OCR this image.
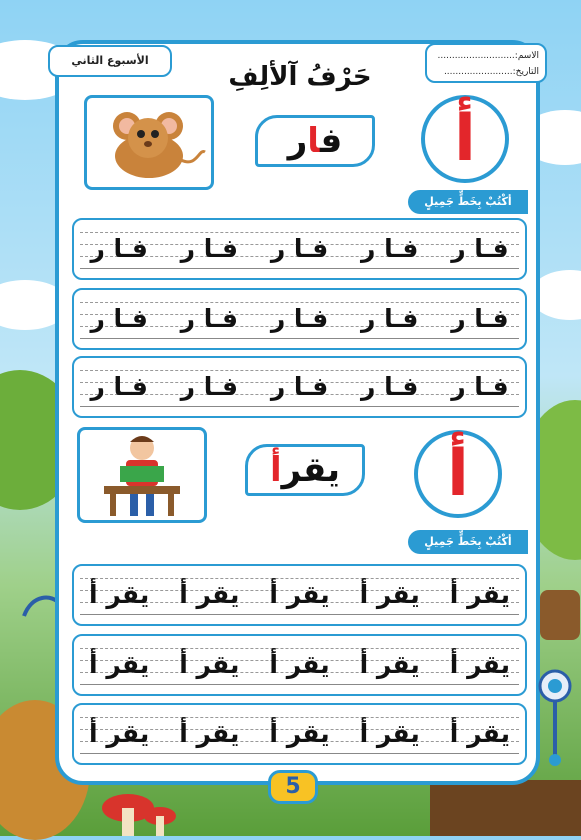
الأسبوع الثاني	الاسم:...........................
التاريخ:........................
حَرْفُ آلألِفِ
فار	أ
أكْتُبْ بِخَطٍّ جَمِيلٍ
فـا ر
فـا ر
فـا ر
فـا ر
فـا ر
فـا ر
فـا ر
فـا ر
فـا ر
فـا ر
فـا ر
فـا ر
فـا ر
فـا ر
فـا ر
يقرأ	أ
أكْتُبْ بِخَطٍّ جَمِيلٍ
يقر أ
يقر أ
يقر أ
يقر أ
يقر أ
يقر أ
يقر أ
يقر أ
يقر أ
يقر أ
يقر أ
يقر أ
يقر أ
يقر أ
يقر أ
5
